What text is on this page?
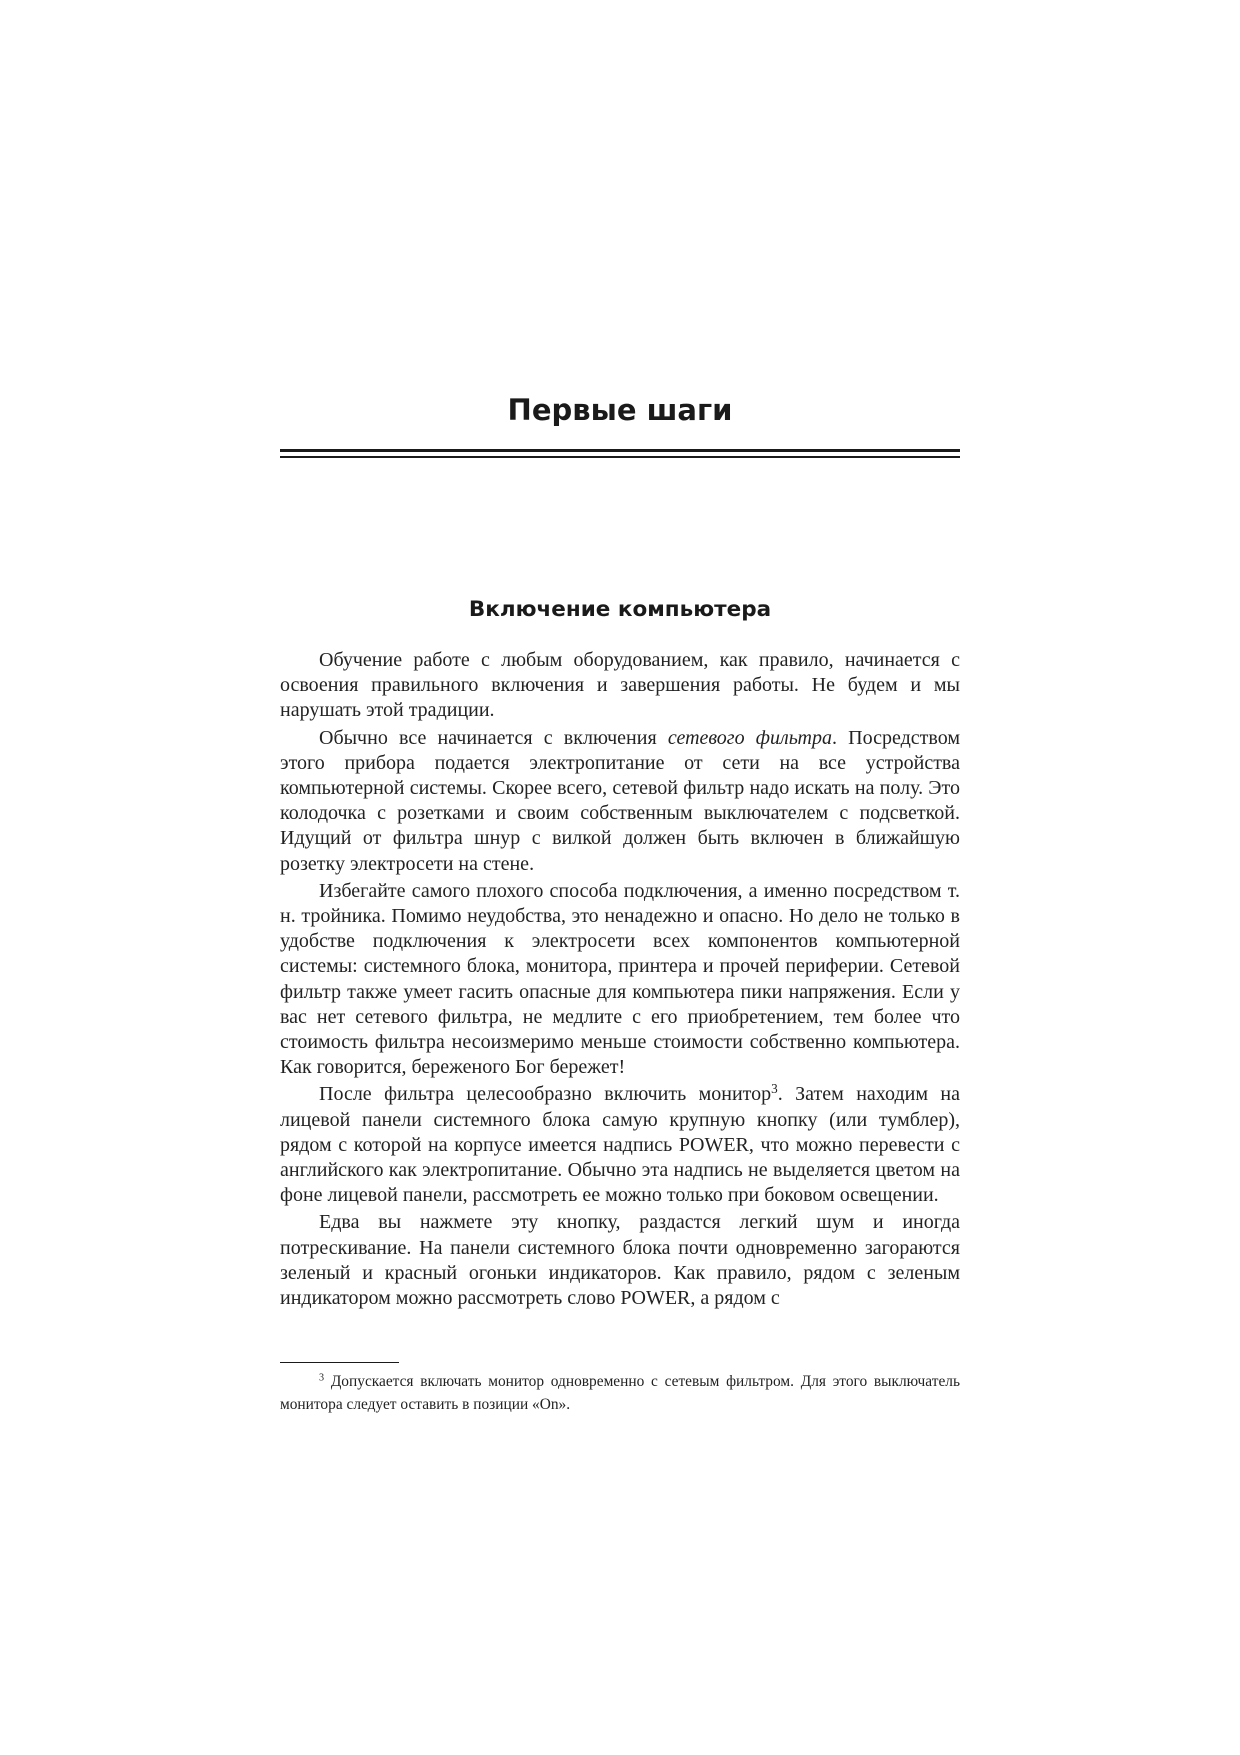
Первые шаги
Включение компьютера

Обучение работе с любым оборудованием, как правило, начинается с освоения правильного включения и завершения работы. Не будем и мы нарушать этой традиции.

Обычно все начинается с включения сетевого фильтра. Посредством этого прибора подается электропитание от сети на все устройства компьютерной системы. Скорее всего, сетевой фильтр надо искать на полу. Это колодочка с розетками и своим собственным выключателем с подсветкой. Идущий от фильтра шнур с вилкой должен быть включен в ближайшую розетку электросети на стене.

Избегайте самого плохого способа подключения, а именно посредством т. н. тройника. Помимо неудобства, это ненадежно и опасно. Но дело не только в удобстве подключения к электросети всех компонентов компьютерной системы: системного блока, монитора, принтера и прочей периферии. Сетевой фильтр также умеет гасить опасные для компьютера пики напряжения. Если у вас нет сетевого фильтра, не медлите с его приобретением, тем более что стоимость фильтра несоизмеримо меньше стоимости собственно компьютера. Как говорится, береженого Бог бережет!

После фильтра целесообразно включить монитор$^3$. Затем находим на лицевой панели системного блока самую крупную кнопку (или тумблер), рядом с которой на корпусе имеется надпись POWER, что можно перевести с английского как электропитание. Обычно эта надпись не выделяется цветом на фоне лицевой панели, рассмотреть ее можно только при боковом освещении.

Едва вы нажмете эту кнопку, раздастся легкий шум и иногда потрескивание. На панели системного блока почти одновременно загораются зеленый и красный огоньки индикаторов. Как правило, рядом с зеленым индикатором можно рассмотреть слово POWER, а рядом с

$^3$ Допускается включать монитор одновременно с сетевым фильтром. Для этого выключатель монитора следует оставить в позиции «On».
